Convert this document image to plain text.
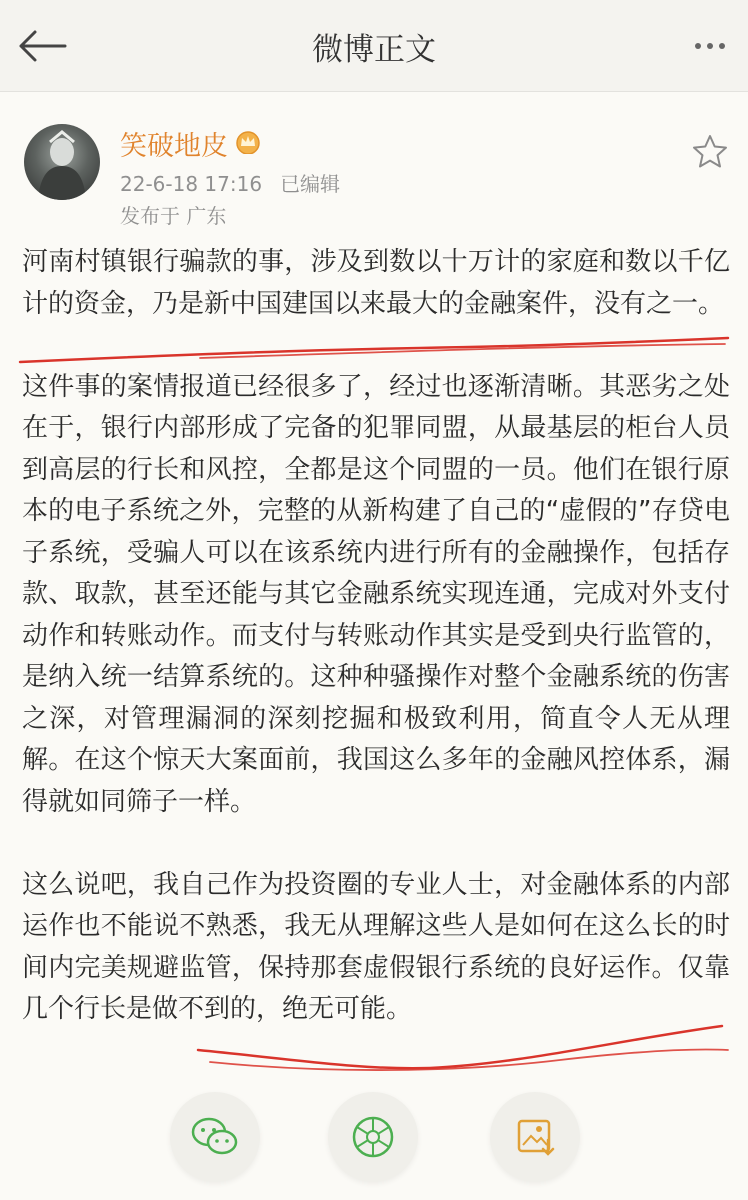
微博正文
笑破地皮
22-6-18 17:16 已编辑
发布于 广东

河南村镇银行骗款的事，涉及到数以十万计的家庭和数以千亿计的资金，乃是新中国建国以来最大的金融案件，没有之一。

这件事的案情报道已经很多了，经过也逐渐清晰。其恶劣之处在于，银行内部形成了完备的犯罪同盟，从最基层的柜台人员到高层的行长和风控，全都是这个同盟的一员。他们在银行原本的电子系统之外，完整的从新构建了自己的“虚假的”存贷电子系统，受骗人可以在该系统内进行所有的金融操作，包括存款、取款，甚至还能与其它金融系统实现连通，完成对外支付动作和转账动作。而支付与转账动作其实是受到央行监管的，是纳入统一结算系统的。这种种骚操作对整个金融系统的伤害之深，对管理漏洞的深刻挖掘和极致利用，简直令人无从理解。在这个惊天大案面前，我国这么多年的金融风控体系，漏得就如同筛子一样。

这么说吧，我自己作为投资圈的专业人士，对金融体系的内部运作也不能说不熟悉，我无从理解这些人是如何在这么长的时间内完美规避监管，保持那套虚假银行系统的良好运作。仅靠几个行长是做不到的，绝无可能。
